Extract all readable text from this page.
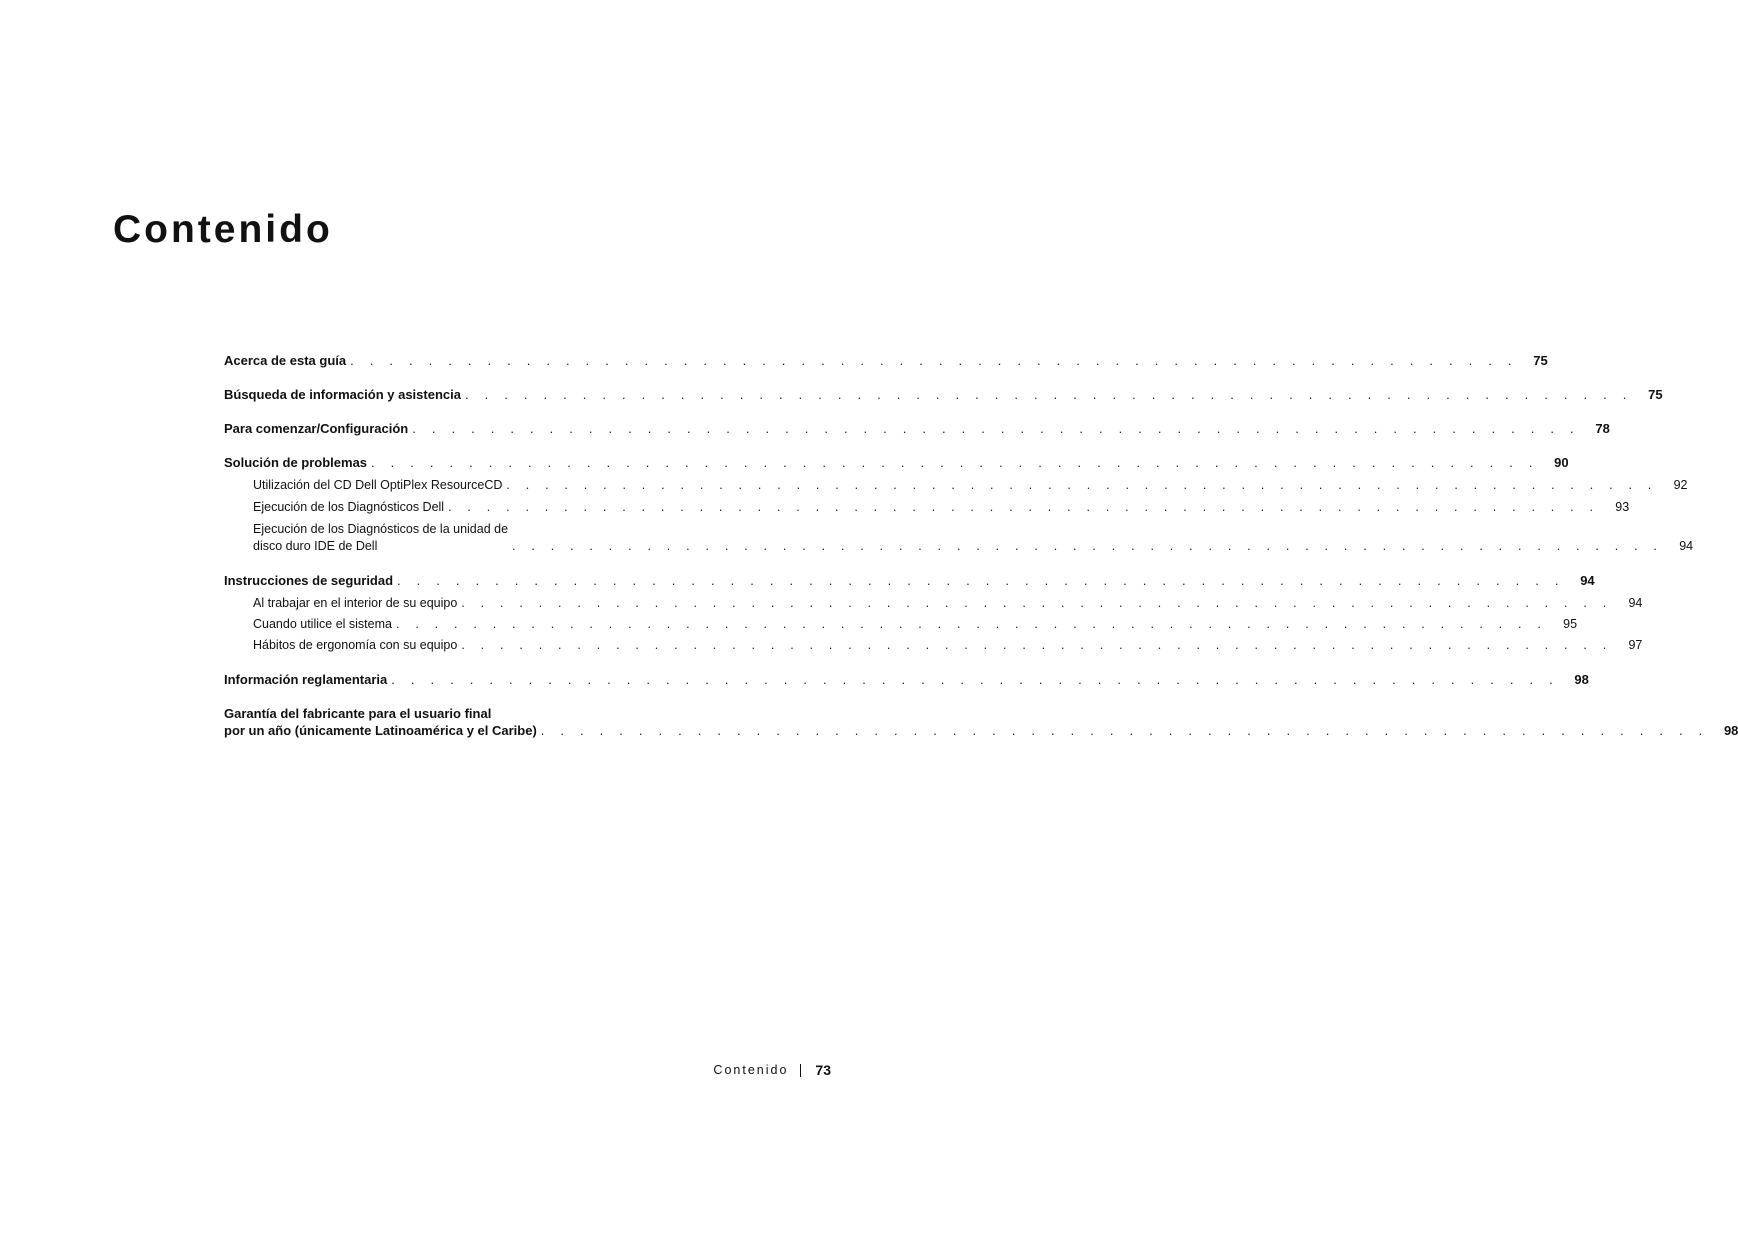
Contenido
Acerca de esta guía . . . . . . . . . . . . . . . . . . . . . . . . . . . . . . . . . . . . . . . . . . . . . . . . . . . . . . . . . . . .	75
Búsqueda de información y asistencia . . . . . . . . . . . . . . . . . . . . . . . . . . . . . . . . . . . . . . . . . . . . . . . . . . . . . . . . . . . .	75
Para comenzar/Configuración . . . . . . . . . . . . . . . . . . . . . . . . . . . . . . . . . . . . . . . . . . . . . . . . . . . . . . . . . . . .	78
Solución de problemas . . . . . . . . . . . . . . . . . . . . . . . . . . . . . . . . . . . . . . . . . . . . . . . . . . . . . . . . . . . .	90
Utilización del CD Dell OptiPlex ResourceCD . . . . . . . . . . . . . . . . . . . . . . . . . . . . . . . . . . . . . . . . . . . . . . . . . . . . . . . . . . . .	92
Ejecución de los Diagnósticos Dell . . . . . . . . . . . . . . . . . . . . . . . . . . . . . . . . . . . . . . . . . . . . . . . . . . . . . . . . . . . .	93
Ejecución de los Diagnósticos de la unidad de
disco duro IDE de Dell	. . . . . . . . . . . . . . . . . . . . . . . . . . . . . . . . . . . . . . . . . . . . . . . . . . . . . . . . . . . .	94
Instrucciones de seguridad . . . . . . . . . . . . . . . . . . . . . . . . . . . . . . . . . . . . . . . . . . . . . . . . . . . . . . . . . . . .	94
Al trabajar en el interior de su equipo . . . . . . . . . . . . . . . . . . . . . . . . . . . . . . . . . . . . . . . . . . . . . . . . . . . . . . . . . . . .	94
Cuando utilice el sistema . . . . . . . . . . . . . . . . . . . . . . . . . . . . . . . . . . . . . . . . . . . . . . . . . . . . . . . . . . . .	95
Hábitos de ergonomía con su equipo . . . . . . . . . . . . . . . . . . . . . . . . . . . . . . . . . . . . . . . . . . . . . . . . . . . . . . . . . . . .	97
Información reglamentaria . . . . . . . . . . . . . . . . . . . . . . . . . . . . . . . . . . . . . . . . . . . . . . . . . . . . . . . . . . . .	98
Garantía del fabricante para el usuario final
por un año (únicamente Latinoamérica y el Caribe) . . . . . . . . . . . . . . . . . . . . . . . . . . . . . . . . . . . . . . . . . . . . . . . . . . . . . . . . . . . .	98
Contenido 73
